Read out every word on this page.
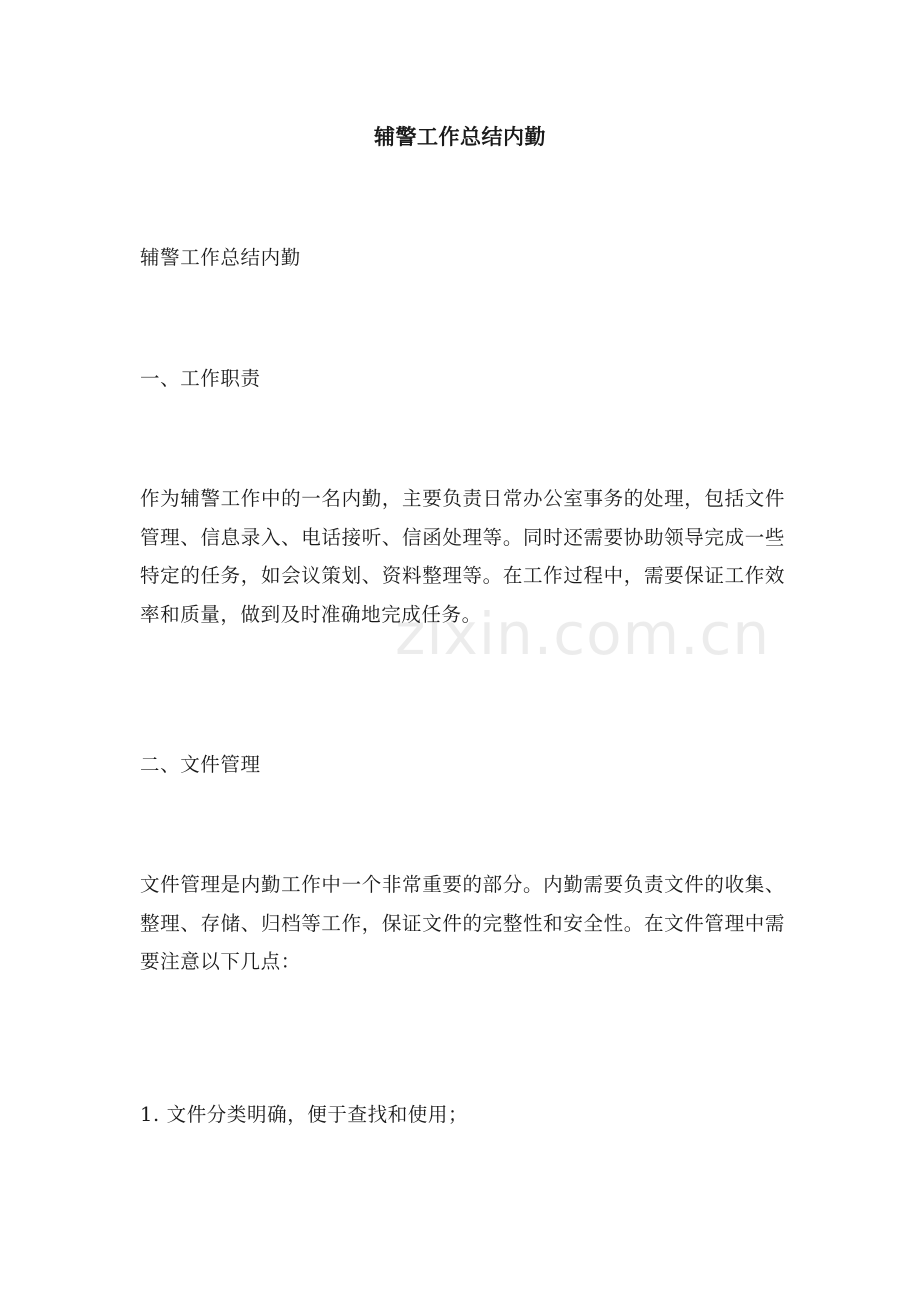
辅警工作总结内勤

辅警工作总结内勤

一、工作职责

作为辅警工作中的一名内勤，主要负责日常办公室事务的处理，包括文件管理、信息录入、电话接听、信函处理等。同时还需要协助领导完成一些特定的任务，如会议策划、资料整理等。在工作过程中，需要保证工作效率和质量，做到及时准确地完成任务。

二、文件管理

文件管理是内勤工作中一个非常重要的部分。内勤需要负责文件的收集、整理、存储、归档等工作，保证文件的完整性和安全性。在文件管理中需要注意以下几点：

1. 文件分类明确，便于查找和使用；

zixin.com.cn
